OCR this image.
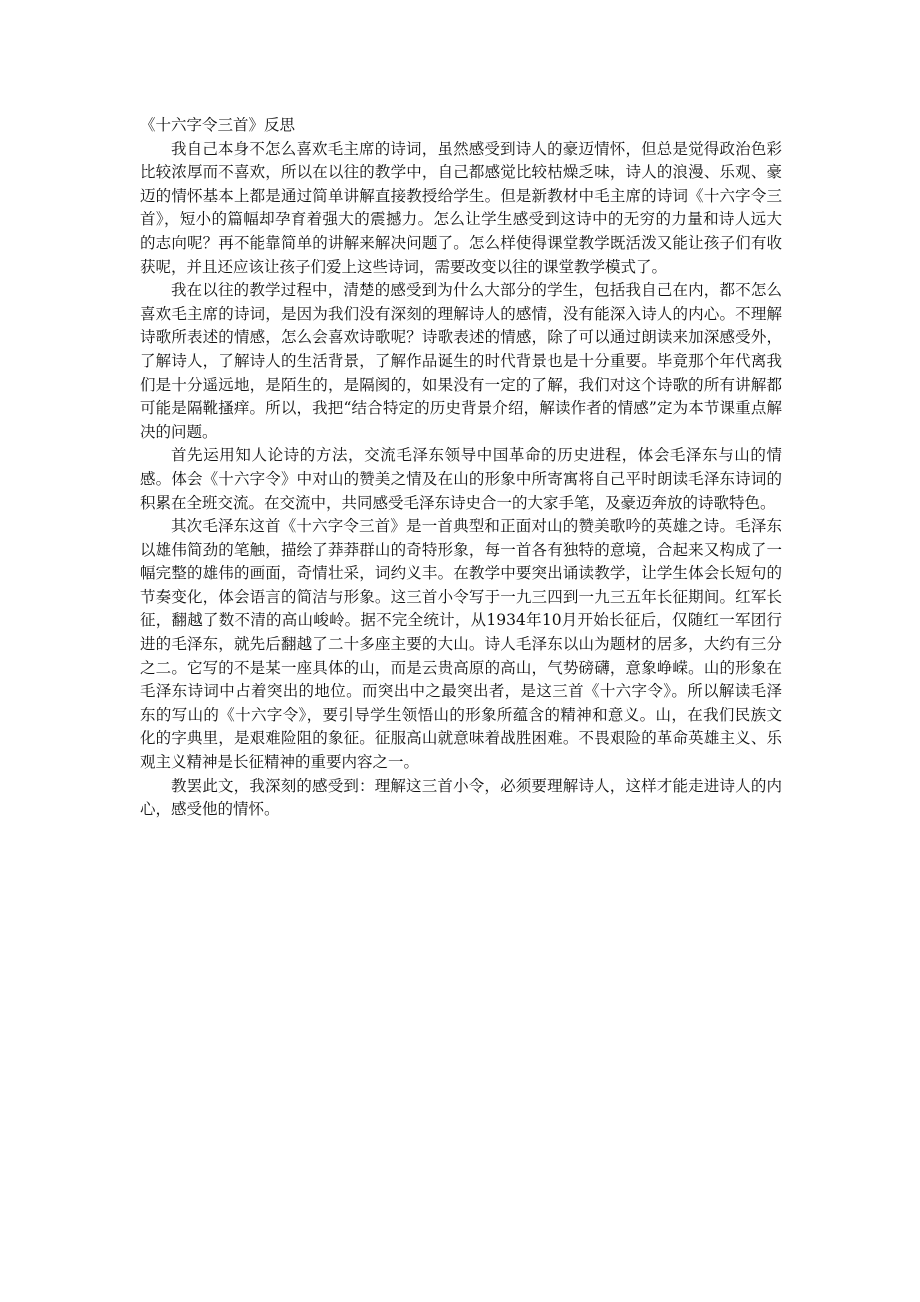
《十六字令三首》反思

我自己本身不怎么喜欢毛主席的诗词，虽然感受到诗人的豪迈情怀，但总是觉得政治色彩比较浓厚而不喜欢，所以在以往的教学中，自己都感觉比较枯燥乏味，诗人的浪漫、乐观、豪迈的情怀基本上都是通过简单讲解直接教授给学生。但是新教材中毛主席的诗词《十六字令三首》，短小的篇幅却孕育着强大的震撼力。怎么让学生感受到这诗中的无穷的力量和诗人远大的志向呢？再不能靠简单的讲解来解决问题了。怎么样使得课堂教学既活泼又能让孩子们有收获呢，并且还应该让孩子们爱上这些诗词，需要改变以往的课堂教学模式了。

我在以往的教学过程中，清楚的感受到为什么大部分的学生，包括我自己在内，都不怎么喜欢毛主席的诗词，是因为我们没有深刻的理解诗人的感情，没有能深入诗人的内心。不理解诗歌所表述的情感，怎么会喜欢诗歌呢？诗歌表述的情感，除了可以通过朗读来加深感受外，了解诗人，了解诗人的生活背景，了解作品诞生的时代背景也是十分重要。毕竟那个年代离我们是十分遥远地，是陌生的，是隔阂的，如果没有一定的了解，我们对这个诗歌的所有讲解都可能是隔靴搔痒。所以，我把“结合特定的历史背景介绍，解读作者的情感”定为本节课重点解决的问题。

首先运用知人论诗的方法，交流毛泽东领导中国革命的历史进程，体会毛泽东与山的情感。体会《十六字令》中对山的赞美之情及在山的形象中所寄寓将自己平时朗读毛泽东诗词的积累在全班交流。在交流中，共同感受毛泽东诗史合一的大家手笔，及豪迈奔放的诗歌特色。

其次毛泽东这首《十六字令三首》是一首典型和正面对山的赞美歌吟的英雄之诗。毛泽东以雄伟简劲的笔触，描绘了莽莽群山的奇特形象，每一首各有独特的意境，合起来又构成了一幅完整的雄伟的画面，奇情壮采，词约义丰。在教学中要突出诵读教学，让学生体会长短句的节奏变化，体会语言的简洁与形象。这三首小令写于一九三四到一九三五年长征期间。红军长征，翻越了数不清的高山峻岭。据不完全统计，从1934年10月开始长征后，仅随红一军团行进的毛泽东，就先后翻越了二十多座主要的大山。诗人毛泽东以山为题材的居多，大约有三分之二。它写的不是某一座具体的山，而是云贵高原的高山，气势磅礴，意象峥嵘。山的形象在毛泽东诗词中占着突出的地位。而突出中之最突出者，是这三首《十六字令》。所以解读毛泽东的写山的《十六字令》，要引导学生领悟山的形象所蕴含的精神和意义。山，在我们民族文化的字典里，是艰难险阻的象征。征服高山就意味着战胜困难。不畏艰险的革命英雄主义、乐观主义精神是长征精神的重要内容之一。

教罢此文，我深刻的感受到：理解这三首小令，必须要理解诗人，这样才能走进诗人的内心，感受他的情怀。
